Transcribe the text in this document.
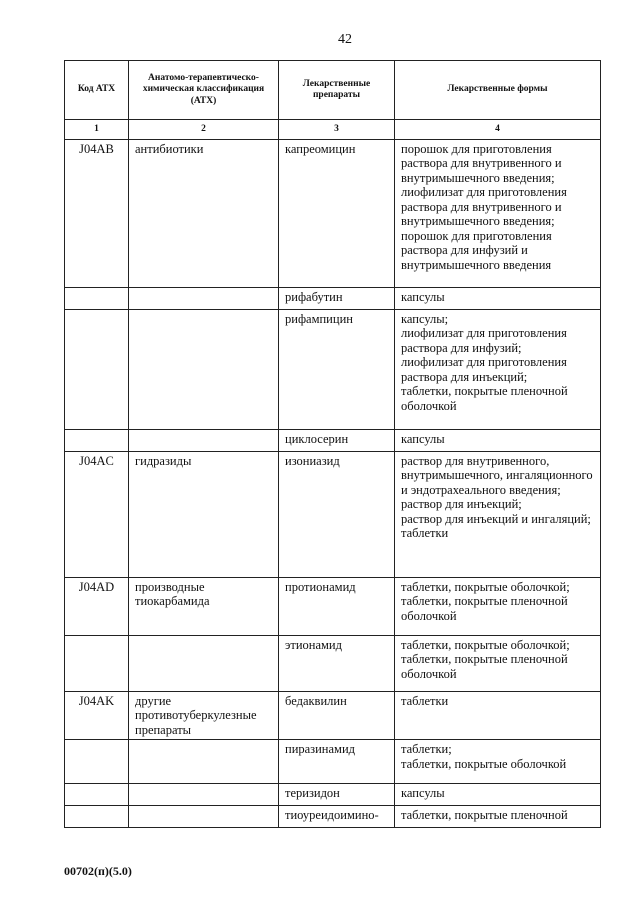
42
Код АТХ	Анатомо-терапевтическо-химическая классификация (АТХ)	Лекарственные препараты	Лекарственные формы
1	2	3	4
J04AB	антибиотики	капреомицин	порошок для приготовления раствора для внутривенного и внутримышечного введения;
лиофилизат для приготовления раствора для внутривенного и внутримышечного введения;
порошок для приготовления раствора для инфузий и внутримышечного введения

		рифабутин	капсулы

		рифампицин	капсулы;
лиофилизат для приготовления раствора для инфузий;
лиофилизат для приготовления раствора для инъекций;
таблетки, покрытые пленочной оболочкой

		циклосерин	капсулы

J04AC	гидразиды	изониазид	раствор для внутривенного, внутримышечного, ингаляционного и эндотрахеального введения;
раствор для инъекций;
раствор для инъекций и ингаляций;
таблетки

J04AD	производные тиокарбамида	протионамид	таблетки, покрытые оболочкой;
таблетки, покрытые пленочной оболочкой

		этионамид	таблетки, покрытые оболочкой;
таблетки, покрытые пленочной оболочкой

J04AK	другие противотуберкулезные препараты	бедаквилин	таблетки

		пиразинамид	таблетки;
таблетки, покрытые оболочкой

		теризидон	капсулы

		тиоуреидоимино-	таблетки, покрытые пленочной
00702(п)(5.0)
